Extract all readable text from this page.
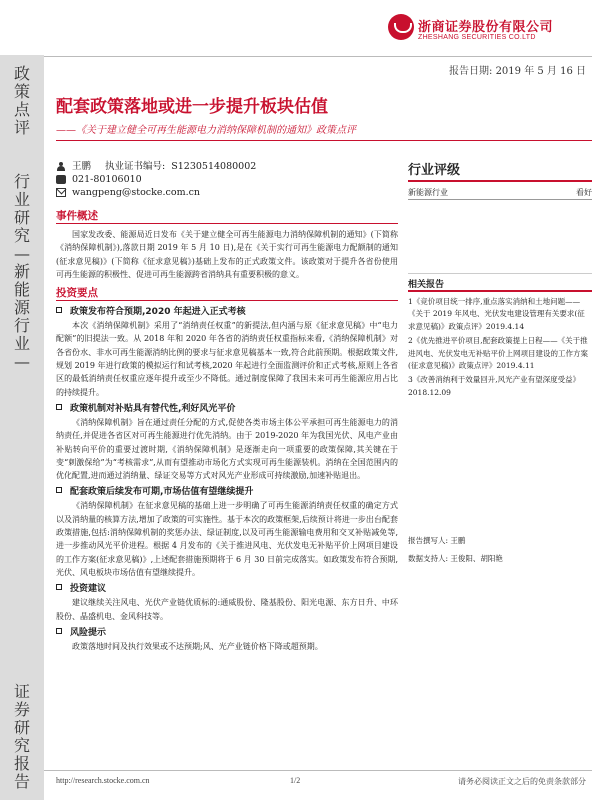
政策点评
行业研究—新能源行业—
证券研究报告
浙商证券股份有限公司
ZHESHANG SECURITIES CO.LTD
报告日期: 2019 年 5 月 16 日
配套政策落地或进一步提升板块估值
——《关于建立健全可再生能源电力消纳保障机制的通知》政策点评
王鹏 执业证书编号: S1230514080002
021-80106010
wangpeng@stocke.com.cn
事件概述
国家发改委、能源局近日发布《关于建立健全可再生能源电力消纳保障机制的通知》(下简称《消纳保障机制》),落款日期 2019 年 5 月 10 日),是在《关于实行可再生能源电力配额制的通知(征求意见稿)》(下简称《征求意见稿》)基础上发布的正式政策文件。该政策对于提升各省份使用可再生能源的积极性、促进可再生能源跨省消纳具有重要积极的意义。
投资要点
政策发布符合预期,2020 年起进入正式考核
本次《消纳保障机制》采用了“消纳责任权重”的新提法,但内涵与原《征求意见稿》中“电力配额”的旧提法一致。从 2018 年和 2020 年各省的消纳责任权重指标来看,《消纳保障机制》对各省份水、非水可再生能源消纳比例的要求与征求意见稿基本一致,符合此前预期。根据政策文件,规划 2019 年进行政策的模拟运行和试考核,2020 年起进行全面监测评价和正式考核,原则上各省区的最低消纳责任权重应逐年提升或至少不降低。通过制度保障了我国未来可再生能源应用占比的持续提升。
政策机制对补贴具有替代性,利好风光平价
《消纳保障机制》旨在通过责任分配的方式,促使各类市场主体公平承担可再生能源电力的消纳责任,并促进各省区对可再生能源进行优先消纳。由于 2019-2020 年为我国光伏、风电产业由补贴转向平价的重要过渡时期,《消纳保障机制》是逐渐走向一项重要的政策保障,其关键在于变“刺激保给”为“考核需求”,从而有望推动市场化方式实现可再生能源装机。消纳在全国范围内的优化配置,进而通过消纳量、绿证交易等方式对风光产业形成可持续激励,加速补贴退出。
配套政策后续发布可期,市场估值有望继续提升
《消纳保障机制》在征求意见稿的基础上进一步明确了可再生能源消纳责任权重的确定方式以及消纳量的核算方法,增加了政策的可实施性。基于本次的政策框架,后续预计将进一步出台配套政策措施,包括:消纳保障机制的奖惩办法、绿证制度,以及可再生能源输电费用和交叉补贴减免等,进一步推动风光平价进程。根据 4 月发布的《关于推进风电、光伏发电无补贴平价上网项目建设的工作方案(征求意见稿)》,上述配套措施预期将于 6 月 30 日前完成落实。如政策发布符合预期,光伏、风电板块市场估值有望继续提升。
投资建议
建议继续关注风电、光伏产业链优质标的:通威股份、隆基股份、阳光电源、东方日升、中环股份、晶盛机电、金风科技等。
风险提示
政策落地时间及执行效果或不达预期;风、光产业链价格下降或超预期。
行业评级
新能源行业	看好
相关报告
1《竞价项目统一排序,重点落实消纳和土地问题——《关于 2019 年风电、光伏发电建设管理有关要求(征求意见稿)》政策点评》2019.4.14
2《优先推进平价项目,配套政策提上日程——《关于推进风电、光伏发电无补贴平价上网项目建设的工作方案(征求意见稿)》政策点评》2019.4.11
3《改善消纳利于效量回升,风光产业有望深度受益》2018.12.09
报告撰写人: 王鹏
数据支持人: 王俊阳、胡阳艳
http://research.stocke.com.cn	1/2	请务必阅读正文之后的免责条款部分
